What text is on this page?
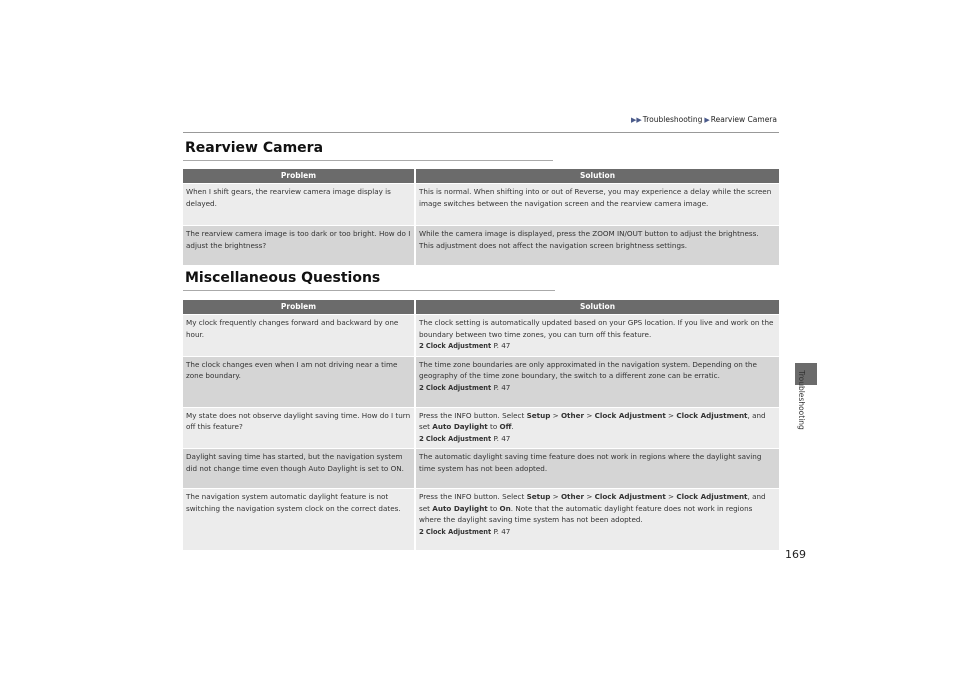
▶▶ Troubleshooting ▶ Rearview Camera
Rearview Camera
Problem	Solution
When I shift gears, the rearview camera image display is delayed.	This is normal. When shifting into or out of Reverse, you may experience a delay while the screen image switches between the navigation screen and the rearview camera image.
The rearview camera image is too dark or too bright. How do I adjust the brightness?	While the camera image is displayed, press the ZOOM IN/OUT button to adjust the brightness.
This adjustment does not affect the navigation screen brightness settings.
Miscellaneous Questions
Problem	Solution
My clock frequently changes forward and backward by one hour.	The clock setting is automatically updated based on your GPS location. If you live and work on the boundary between two time zones, you can turn off this feature.
2 Clock Adjustment P. 47

The clock changes even when I am not driving near a time zone boundary.	The time zone boundaries are only approximated in the navigation system. Depending on the geography of the time zone boundary, the switch to a different zone can be erratic.
2 Clock Adjustment P. 47

My state does not observe daylight saving time. How do I turn off this feature?	Press the INFO button. Select Setup > Other > Clock Adjustment > Clock Adjustment, and set Auto Daylight to Off.
2 Clock Adjustment P. 47

Daylight saving time has started, but the navigation system did not change time even though Auto Daylight is set to ON.	The automatic daylight saving time feature does not work in regions where the daylight saving time system has not been adopted.
The navigation system automatic daylight feature is not switching the navigation system clock on the correct dates.	Press the INFO button. Select Setup > Other > Clock Adjustment > Clock Adjustment, and set Auto Daylight to On. Note that the automatic daylight feature does not work in regions where the daylight saving time system has not been adopted.
2 Clock Adjustment P. 47
Troubleshooting
169
